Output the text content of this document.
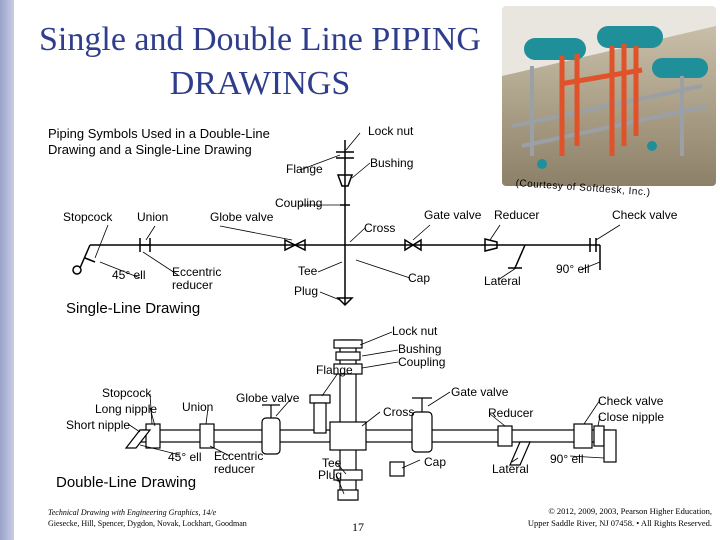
Single and Double Line PIPING
DRAWINGS
Piping Symbols Used in a Double-Line
Drawing and a Single-Line Drawing
(Courtesy of Softdesk, Inc.)
Lock nut
Bushing
Flange
Coupling
Stopcock Union	Globe valve
Cross
Gate valve Reducer	Check valve
45° ell Eccentric
reducer
Tee	Cap
Plug
Lateral
90° ell
Single-Line Drawing
Lock nut
Bushing
Coupling
Flange
Stopcock
Long nipple Union
Globe valve	Gate valve
Check valve
Close nipple
Short nipple
Cross	Reducer
45° ell Eccentric
reducer	Tee
Plug
Cap	Lateral
90° ell
Double-Line Drawing
Technical Drawing with Engineering Graphics, 14/e
Giesecke, Hill, Spencer, Dygdon, Novak, Lockhart, Goodman	17
© 2012, 2009, 2003, Pearson Higher Education,
Upper Saddle River, NJ 07458. • All Rights Reserved.
